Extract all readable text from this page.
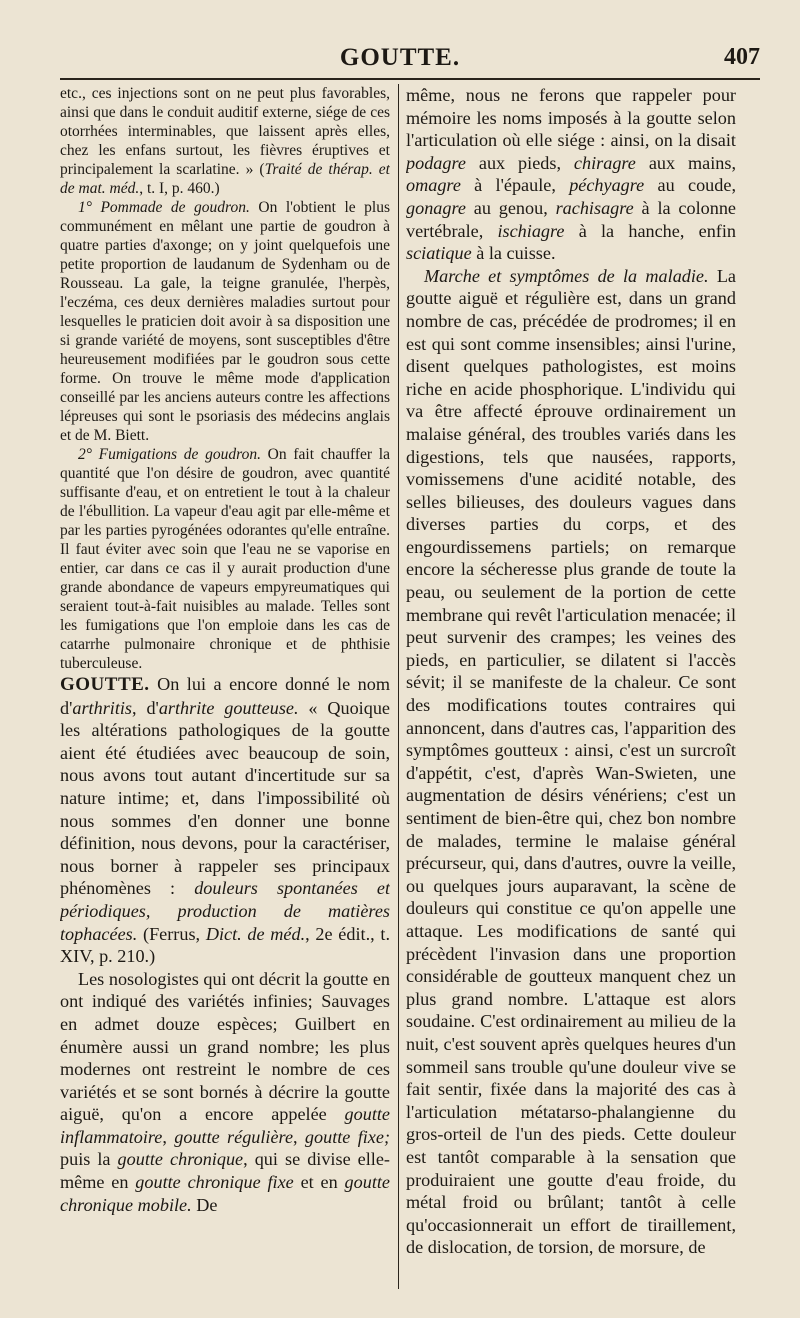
GOUTTE.	407

etc., ces injections sont on ne peut plus favorables, ainsi que dans le conduit auditif externe, siége de ces otorrhées interminables, que laissent après elles, chez les enfans surtout, les fièvres éruptives et principalement la scarlatine. » (Traité de thérap. et de mat. méd., t. I, p. 460.)

1° Pommade de goudron. On l'obtient le plus communément en mêlant une partie de goudron à quatre parties d'axonge; on y joint quelquefois une petite proportion de laudanum de Sydenham ou de Rousseau. La gale, la teigne granulée, l'herpès, l'eczéma, ces deux dernières maladies surtout pour lesquelles le praticien doit avoir à sa disposition une si grande variété de moyens, sont susceptibles d'être heureusement modifiées par le goudron sous cette forme. On trouve le même mode d'application conseillé par les anciens auteurs contre les affections lépreuses qui sont le psoriasis des médecins anglais et de M. Biett.

2° Fumigations de goudron. On fait chauffer la quantité que l'on désire de goudron, avec quantité suffisante d'eau, et on entretient le tout à la chaleur de l'ébullition. La vapeur d'eau agit par elle-même et par les parties pyrogénées odorantes qu'elle entraîne. Il faut éviter avec soin que l'eau ne se vaporise en entier, car dans ce cas il y aurait production d'une grande abondance de vapeurs empyreumatiques qui seraient tout-à-fait nuisibles au malade. Telles sont les fumigations que l'on emploie dans les cas de catarrhe pulmonaire chronique et de phthisie tuberculeuse.

GOUTTE. On lui a encore donné le nom d'arthritis, d'arthrite goutteuse. « Quoique les altérations pathologiques de la goutte aient été étudiées avec beaucoup de soin, nous avons tout autant d'incertitude sur sa nature intime; et, dans l'impossibilité où nous sommes d'en donner une bonne définition, nous devons, pour la caractériser, nous borner à rappeler ses principaux phénomènes : douleurs spontanées et périodiques, production de matières tophacées. (Ferrus, Dict. de méd., 2e édit., t. XIV, p. 210.)

Les nosologistes qui ont décrit la goutte en ont indiqué des variétés infinies; Sauvages en admet douze espèces; Guilbert en énumère aussi un grand nombre; les plus modernes ont restreint le nombre de ces variétés et se sont bornés à décrire la goutte aiguë, qu'on a encore appelée goutte inflammatoire, goutte régulière, goutte fixe; puis la goutte chronique, qui se divise elle-même en goutte chronique fixe et en goutte chronique mobile. De

même, nous ne ferons que rappeler pour mémoire les noms imposés à la goutte selon l'articulation où elle siége : ainsi, on la disait podagre aux pieds, chiragre aux mains, omagre à l'épaule, péchyagre au coude, gonagre au genou, rachisagre à la colonne vertébrale, ischiagre à la hanche, enfin sciatique à la cuisse.

Marche et symptômes de la maladie. La goutte aiguë et régulière est, dans un grand nombre de cas, précédée de prodromes; il en est qui sont comme insensibles; ainsi l'urine, disent quelques pathologistes, est moins riche en acide phosphorique. L'individu qui va être affecté éprouve ordinairement un malaise général, des troubles variés dans les digestions, tels que nausées, rapports, vomissemens d'une acidité notable, des selles bilieuses, des douleurs vagues dans diverses parties du corps, et des engourdissemens partiels; on remarque encore la sécheresse plus grande de toute la peau, ou seulement de la portion de cette membrane qui revêt l'articulation menacée; il peut survenir des crampes; les veines des pieds, en particulier, se dilatent si l'accès sévit; il se manifeste de la chaleur. Ce sont des modifications toutes contraires qui annoncent, dans d'autres cas, l'apparition des symptômes goutteux : ainsi, c'est un surcroît d'appétit, c'est, d'après Wan-Swieten, une augmentation de désirs vénériens; c'est un sentiment de bien-être qui, chez bon nombre de malades, termine le malaise général précurseur, qui, dans d'autres, ouvre la veille, ou quelques jours auparavant, la scène de douleurs qui constitue ce qu'on appelle une attaque. Les modifications de santé qui précèdent l'invasion dans une proportion considérable de goutteux manquent chez un plus grand nombre. L'attaque est alors soudaine. C'est ordinairement au milieu de la nuit, c'est souvent après quelques heures d'un sommeil sans trouble qu'une douleur vive se fait sentir, fixée dans la majorité des cas à l'articulation métatarso-phalangienne du gros-orteil de l'un des pieds. Cette douleur est tantôt comparable à la sensation que produiraient une goutte d'eau froide, du métal froid ou brûlant; tantôt à celle qu'occasionnerait un effort de tiraillement, de dislocation, de torsion, de morsure, de
